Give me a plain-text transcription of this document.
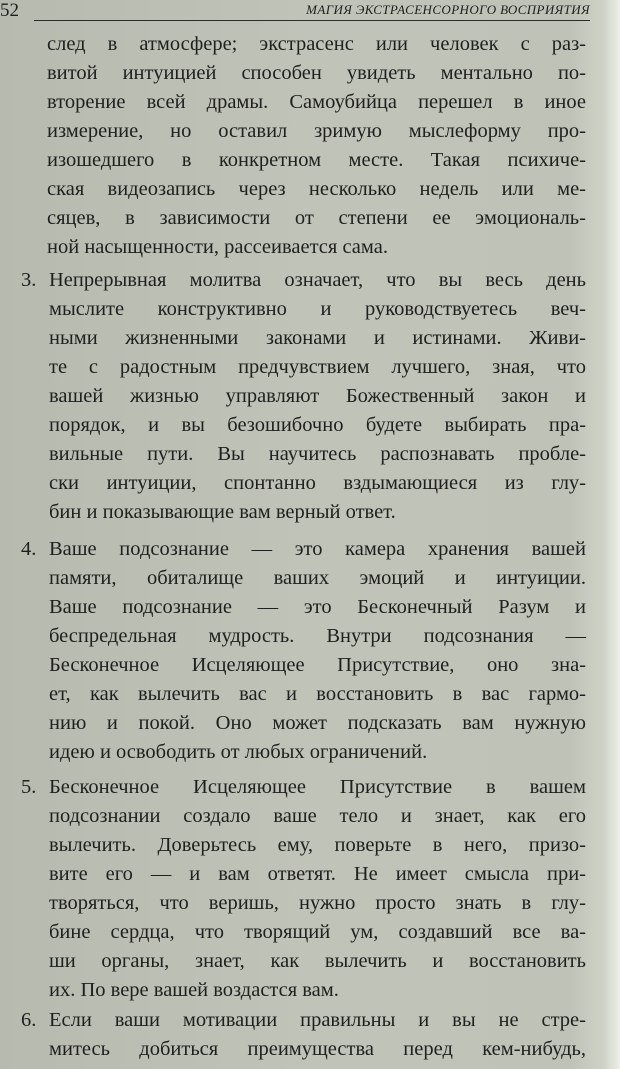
52	МАГИЯ ЭКСТРАСЕНСОРНОГО ВОСПРИЯТИЯ
след в атмосфере; экстрасенс или человек с раз-
витой интуицией способен увидеть ментально по-
вторение всей драмы. Самоубийца перешел в иное
измерение, но оставил зримую мыслеформу про-
изошедшего в конкретном месте. Такая психиче-
ская видеозапись через несколько недель или ме-
сяцев, в зависимости от степени ее эмоциональ-
ной насыщенности, рассеивается сама.
3. Непрерывная молитва означает, что вы весь день
мыслите конструктивно и руководствуетесь веч-
ными жизненными законами и истинами. Живи-
те с радостным предчувствием лучшего, зная, что
вашей жизнью управляют Божественный закон и
порядок, и вы безошибочно будете выбирать пра-
вильные пути. Вы научитесь распознавать пробле-
ски интуиции, спонтанно вздымающиеся из глу-
бин и показывающие вам верный ответ.
4. Ваше подсознание — это камера хранения вашей
памяти, обиталище ваших эмоций и интуиции.
Ваше подсознание — это Бесконечный Разум и
беспредельная мудрость. Внутри подсознания —
Бесконечное Исцеляющее Присутствие, оно зна-
ет, как вылечить вас и восстановить в вас гармо-
нию и покой. Оно может подсказать вам нужную
идею и освободить от любых ограничений.
5. Бесконечное Исцеляющее Присутствие в вашем
подсознании создало ваше тело и знает, как его
вылечить. Доверьтесь ему, поверьте в него, призо-
вите его — и вам ответят. Не имеет смысла при-
творяться, что веришь, нужно просто знать в глу-
бине сердца, что творящий ум, создавший все ва-
ши органы, знает, как вылечить и восстановить
их. По вере вашей воздастся вам.
6. Если ваши мотивации правильны и вы не стре-
митесь добиться преимущества перед кем-нибудь,
